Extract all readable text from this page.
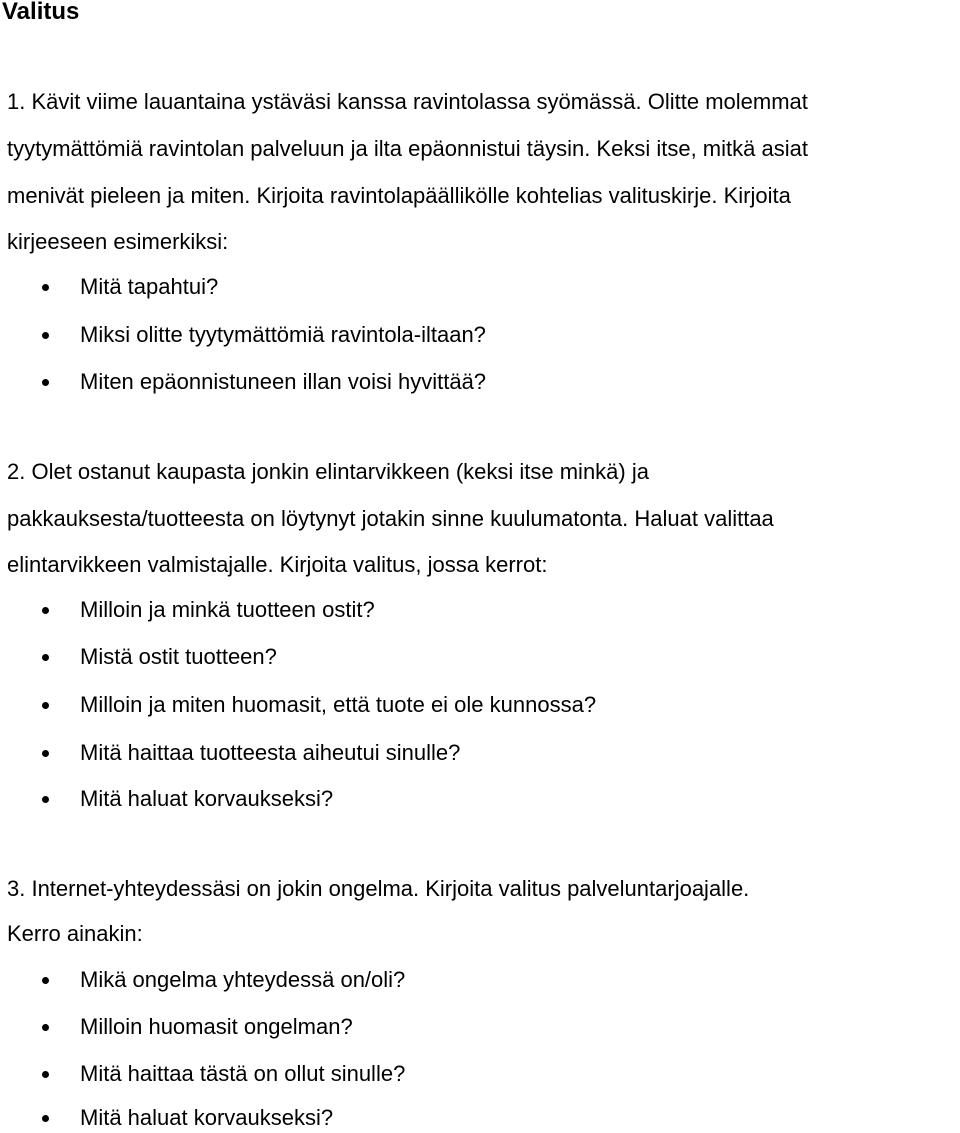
Valitus
1. Kävit viime lauantaina ystäväsi kanssa ravintolassa syömässä. Olitte molemmat
tyytymättömiä ravintolan palveluun ja ilta epäonnistui täysin. Keksi itse, mitkä asiat
menivät pieleen ja miten. Kirjoita ravintolapäällikölle kohtelias valituskirje. Kirjoita
kirjeeseen esimerkiksi:
Mitä tapahtui?
Miksi olitte tyytymättömiä ravintola-iltaan?
Miten epäonnistuneen illan voisi hyvittää?
2. Olet ostanut kaupasta jonkin elintarvikkeen (keksi itse minkä) ja
pakkauksesta/tuotteesta on löytynyt jotakin sinne kuulumatonta. Haluat valittaa
elintarvikkeen valmistajalle. Kirjoita valitus, jossa kerrot:
Milloin ja minkä tuotteen ostit?
Mistä ostit tuotteen?
Milloin ja miten huomasit, että tuote ei ole kunnossa?
Mitä haittaa tuotteesta aiheutui sinulle?
Mitä haluat korvaukseksi?
3. Internet-yhteydessäsi on jokin ongelma. Kirjoita valitus palveluntarjoajalle.
Kerro ainakin:
Mikä ongelma yhteydessä on/oli?
Milloin huomasit ongelman?
Mitä haittaa tästä on ollut sinulle?
Mitä haluat korvaukseksi?
